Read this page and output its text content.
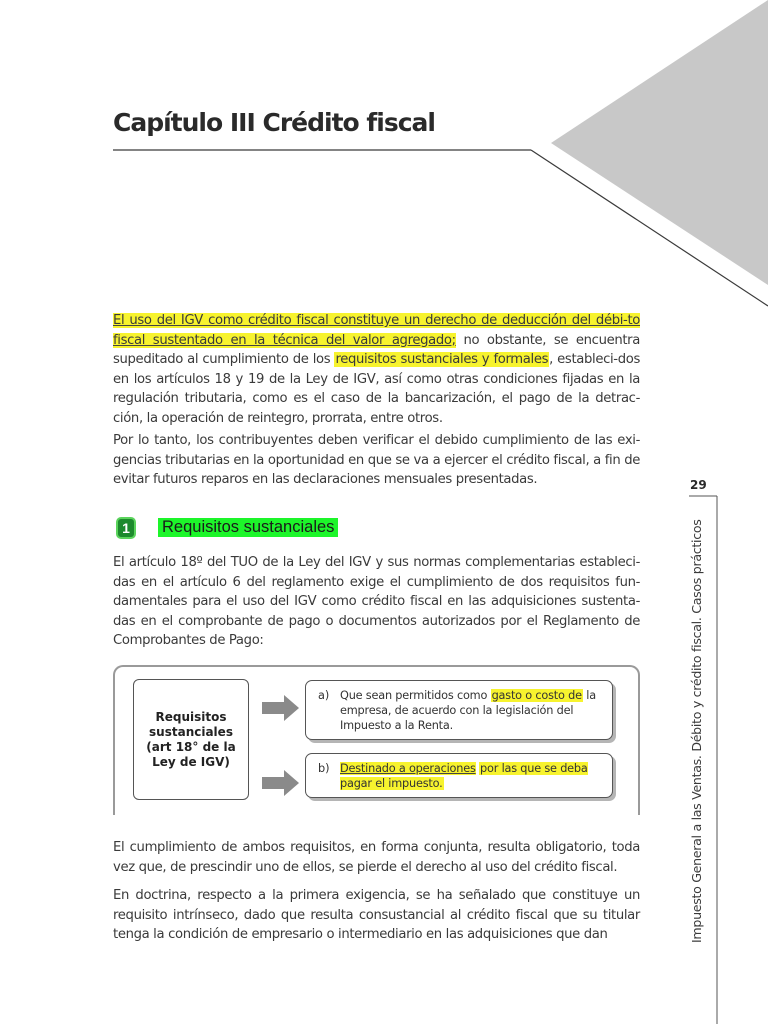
Capítulo III Crédito fiscal

El uso del IGV como crédito fiscal constituye un derecho de deducción del débi-to fiscal sustentado en la técnica del valor agregado; no obstante, se encuentra supeditado al cumplimiento de los requisitos sustanciales y formales, estableci-dos en los artículos 18 y 19 de la Ley de IGV, así como otras condiciones fijadas en la regulación tributaria, como es el caso de la bancarización, el pago de la detrac-ción, la operación de reintegro, prorrata, entre otros.

Por lo tanto, los contribuyentes deben verificar el debido cumplimiento de las exi-gencias tributarias en la oportunidad en que se va a ejercer el crédito fiscal, a fin de evitar futuros reparos en las declaraciones mensuales presentadas.

1	Requisitos sustanciales

El artículo 18º del TUO de la Ley del IGV y sus normas complementarias estableci-das en el artículo 6 del reglamento exige el cumplimiento de dos requisitos fun-damentales para el uso del IGV como crédito fiscal en las adquisiciones sustenta-das en el comprobante de pago o documentos autorizados por el Reglamento de Comprobantes de Pago:

Requisitos sustanciales (art 18° de la Ley de IGV)
a) Que sean permitidos como gasto o costo de la empresa, de acuerdo con la legislación del Impuesto a la Renta.
b) Destinado a operaciones por las que se deba pagar el impuesto.

El cumplimiento de ambos requisitos, en forma conjunta, resulta obligatorio, toda vez que, de prescindir uno de ellos, se pierde el derecho al uso del crédito fiscal.

En doctrina, respecto a la primera exigencia, se ha señalado que constituye un requisito intrínseco, dado que resulta consustancial al crédito fiscal que su titular tenga la condición de empresario o intermediario en las adquisiciones que dan

29
Impuesto General a las Ventas. Débito y crédito fiscal. Casos prácticos
